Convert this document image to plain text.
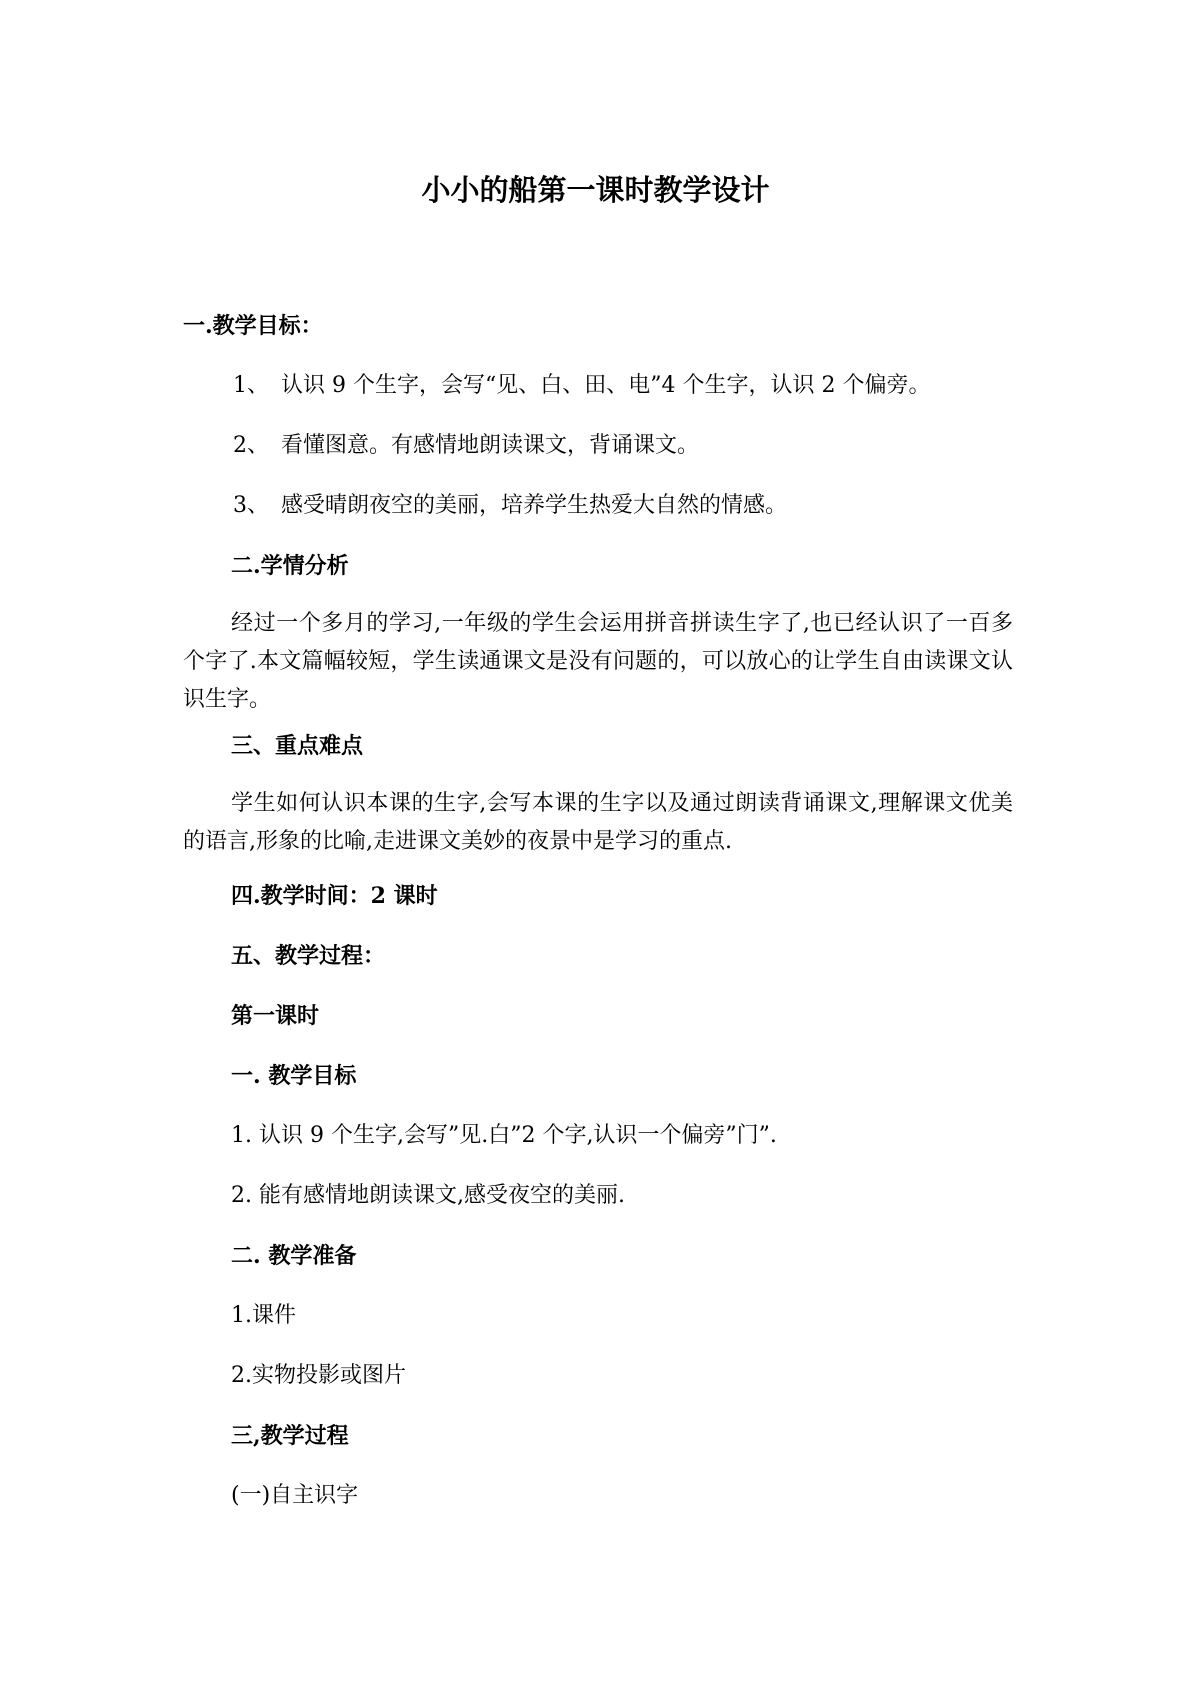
小小的船第一课时教学设计

一.教学目标：

1、 认识 9 个生字，会写“见、白、田、电”4 个生字，认识 2 个偏旁。

2、 看懂图意。有感情地朗读课文，背诵课文。

3、 感受晴朗夜空的美丽，培养学生热爱大自然的情感。

二.学情分析

经过一个多月的学习,一年级的学生会运用拼音拼读生字了,也已经认识了一百多个字了.本文篇幅较短，学生读通课文是没有问题的，可以放心的让学生自由读课文认识生字。

三、重点难点

学生如何认识本课的生字,会写本课的生字以及通过朗读背诵课文,理解课文优美的语言,形象的比喻,走进课文美妙的夜景中是学习的重点.

四.教学时间：2 课时

五、教学过程：

第一课时

一. 教学目标

1. 认识 9 个生字,会写”见.白”2 个字,认识一个偏旁”门”.

2. 能有感情地朗读课文,感受夜空的美丽.

二. 教学准备

1.课件

2.实物投影或图片

三,教学过程

(一)自主识字
